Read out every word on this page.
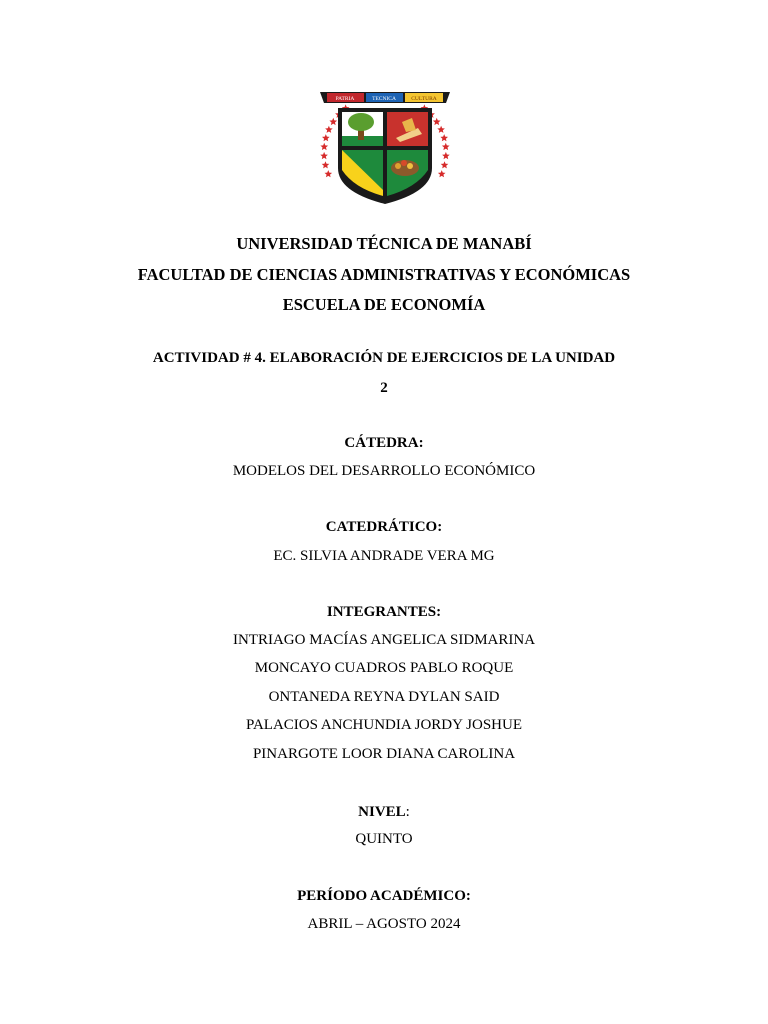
PATRIA	TECNICA	CULTURA
UNIVERSIDAD TÉCNICA DE MANABÍ
FACULTAD DE CIENCIAS ADMINISTRATIVAS Y ECONÓMICAS
ESCUELA DE ECONOMÍA
ACTIVIDAD # 4. ELABORACIÓN DE EJERCICIOS DE LA UNIDAD
2
CÁTEDRA:
MODELOS DEL DESARROLLO ECONÓMICO
CATEDRÁTICO:
EC. SILVIA ANDRADE VERA MG
INTEGRANTES:
INTRIAGO MACÍAS ANGELICA SIDMARINA
MONCAYO CUADROS PABLO ROQUE
ONTANEDA REYNA DYLAN SAID
PALACIOS ANCHUNDIA JORDY JOSHUE
PINARGOTE LOOR DIANA CAROLINA
NIVEL:
QUINTO
PERÍODO ACADÉMICO:
ABRIL – AGOSTO 2024
